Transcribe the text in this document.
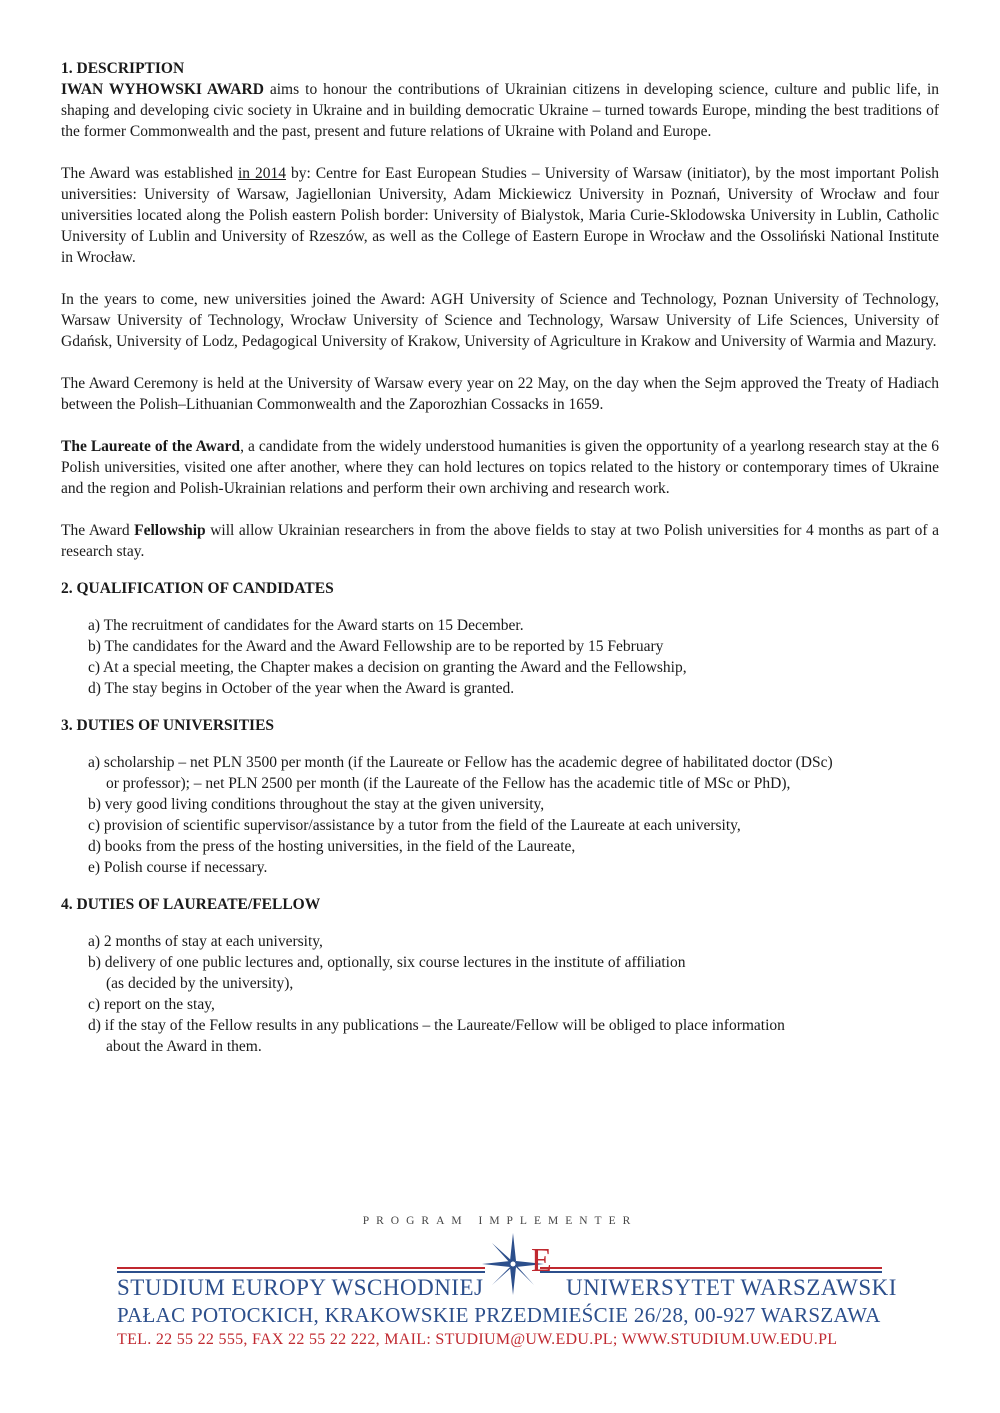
1. DESCRIPTION

IWAN WYHOWSKI AWARD aims to honour the contributions of Ukrainian citizens in developing science, culture and public life, in shaping and developing civic society in Ukraine and in building democratic Ukraine – turned towards Europe, minding the best traditions of the former Commonwealth and the past, present and future relations of Ukraine with Poland and Europe.

The Award was established in 2014 by: Centre for East European Studies – University of Warsaw (initiator), by the most important Polish universities: University of Warsaw, Jagiellonian University, Adam Mickiewicz University in Poznań, University of Wrocław and four universities located along the Polish eastern Polish border: University of Bialystok, Maria Curie-Sklodowska University in Lublin, Catholic University of Lublin and University of Rzeszów, as well as the College of Eastern Europe in Wrocław and the Ossoliński National Institute in Wrocław.

In the years to come, new universities joined the Award: AGH University of Science and Technology, Poznan University of Technology, Warsaw University of Technology, Wrocław University of Science and Technology, Warsaw University of Life Sciences, University of Gdańsk, University of Lodz, Pedagogical University of Krakow, University of Agriculture in Krakow and University of Warmia and Mazury.

The Award Ceremony is held at the University of Warsaw every year on 22 May, on the day when the Sejm approved the Treaty of Hadiach between the Polish–Lithuanian Commonwealth and the Zaporozhian Cossacks in 1659.

The Laureate of the Award, a candidate from the widely understood humanities is given the opportunity of a yearlong research stay at the 6 Polish universities, visited one after another, where they can hold lectures on topics related to the history or contemporary times of Ukraine and the region and Polish-Ukrainian relations and perform their own archiving and research work.

The Award Fellowship will allow Ukrainian researchers in from the above fields to stay at two Polish universities for 4 months as part of a research stay.

2. QUALIFICATION OF CANDIDATES
a) The recruitment of candidates for the Award starts on 15 December.
b) The candidates for the Award and the Award Fellowship are to be reported by 15 February
c) At a special meeting, the Chapter makes a decision on granting the Award and the Fellowship,
d) The stay begins in October of the year when the Award is granted.
3. DUTIES OF UNIVERSITIES
a) scholarship – net PLN 3500 per month (if the Laureate or Fellow has the academic degree of habilitated doctor (DSc)
or professor); – net PLN 2500 per month (if the Laureate of the Fellow has the academic title of MSc or PhD),
b) very good living conditions throughout the stay at the given university,
c) provision of scientific supervisor/assistance by a tutor from the field of the Laureate at each university,
d) books from the press of the hosting universities, in the field of the Laureate,
e) Polish course if necessary.
4. DUTIES OF LAUREATE/FELLOW
a) 2 months of stay at each university,
b) delivery of one public lectures and, optionally, six course lectures in the institute of affiliation
(as decided by the university),
c) report on the stay,
d) if the stay of the Fellow results in any publications – the Laureate/Fellow will be obliged to place information
about the Award in them.
PROGRAM IMPLEMENTER
E
STUDIUM EUROPY WSCHODNIEJ	UNIWERSYTET WARSZAWSKI
PAŁAC POTOCKICH, KRAKOWSKIE PRZEDMIEŚCIE 26/28, 00-927 WARSZAWA
TEL. 22 55 22 555, FAX 22 55 22 222, MAIL: STUDIUM@UW.EDU.PL; WWW.STUDIUM.UW.EDU.PL
